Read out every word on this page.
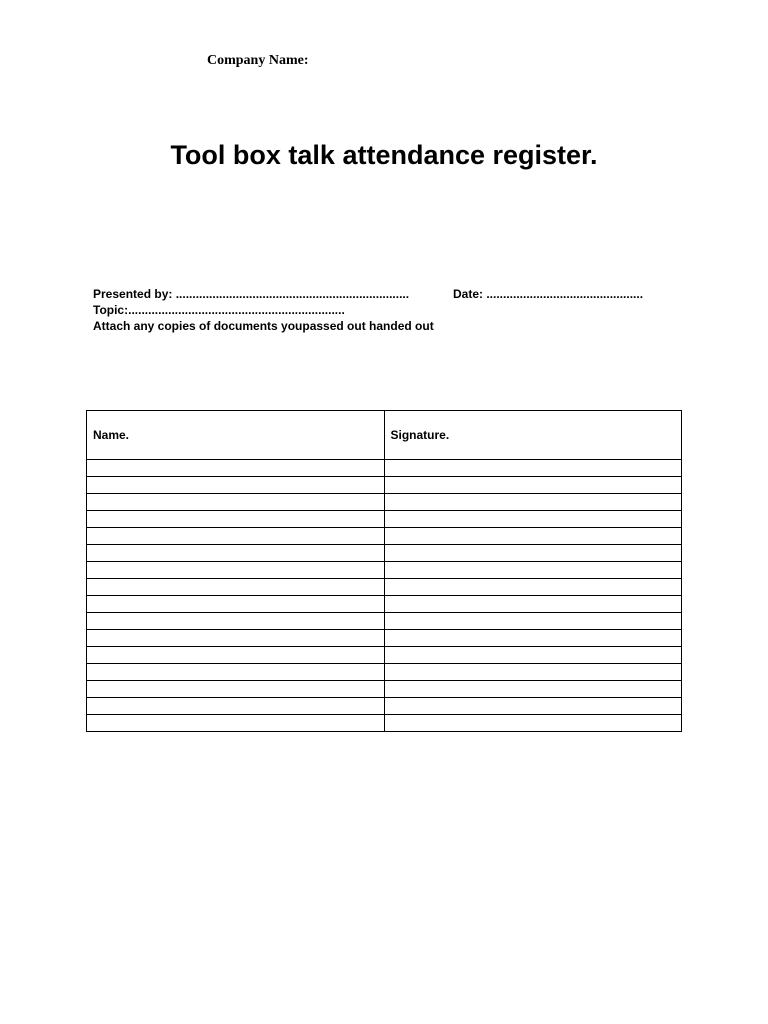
Company Name:
Tool box talk attendance register.
Presented by: ......................................................................	Date: ...............................................
Topic:.................................................................
Attach any copies of documents youpassed out handed out
Name.	Signature.
